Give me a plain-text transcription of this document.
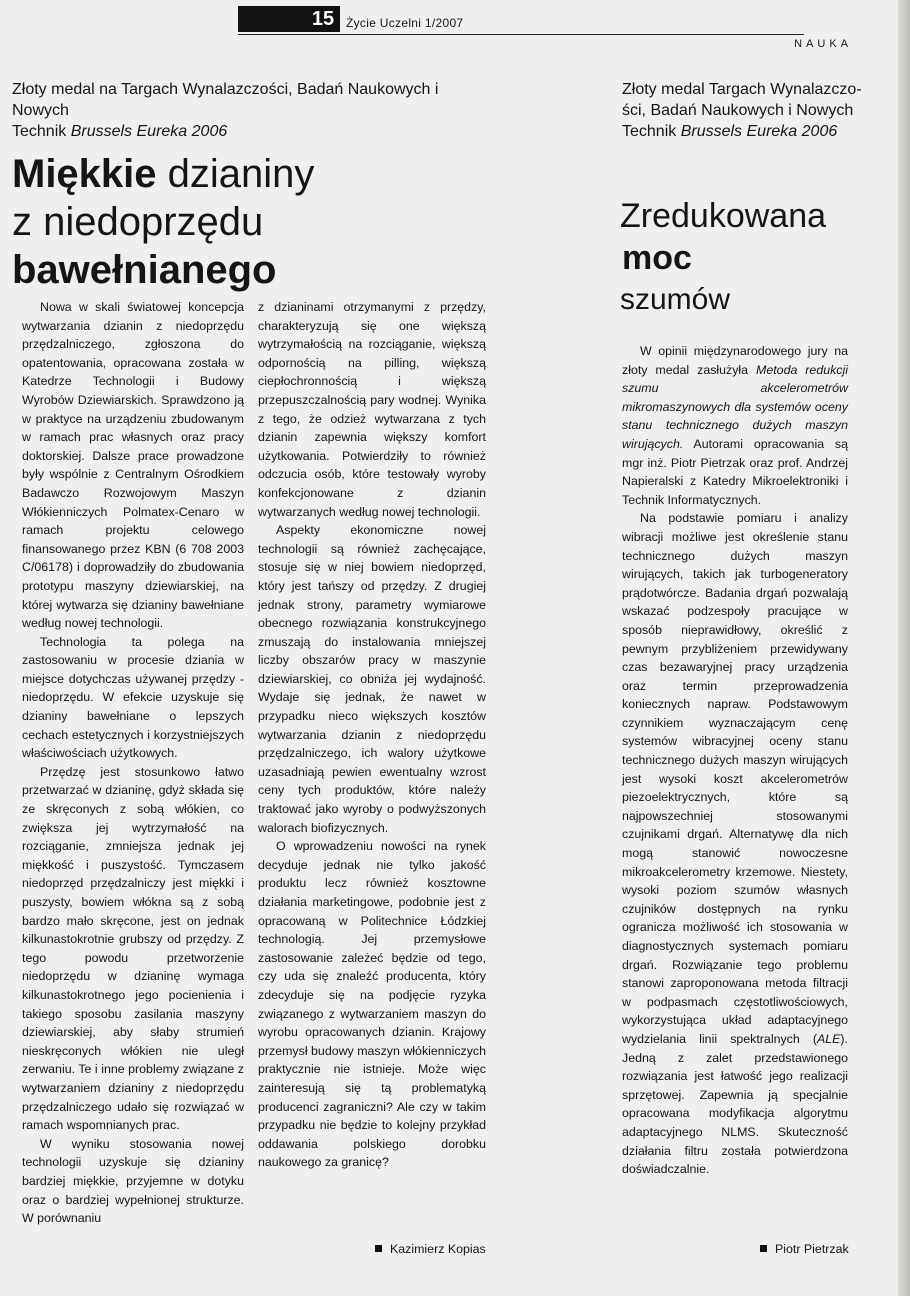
15 Życie Uczelni 1/2007
NAUKA
Złoty medal na Targach Wynalazczości, Badań Naukowych i Nowych
Technik Brussels Eureka 2006
Miękkie dzianiny
z niedoprzędu
bawełnianego

Nowa w skali światowej koncepcja wytwarzania dzianin z niedoprzędu przędzalniczego, zgłoszona do opatentowania, opracowana została w Katedrze Technologii i Budowy Wyrobów Dziewiarskich. Sprawdzono ją w praktyce na urządzeniu zbudowanym w ramach prac własnych oraz pracy doktorskiej. Dalsze prace prowadzone były wspólnie z Centralnym Ośrodkiem Badawczo Rozwojowym Maszyn Włókienniczych Polmatex-Cenaro w ramach projektu celowego finansowanego przez KBN (6 708 2003 C/06178) i doprowadziły do zbudowania prototypu maszyny dziewiarskiej, na której wytwarza się dzianiny bawełniane według nowej technologii.

Technologia ta polega na zastosowaniu w procesie dziania w miejsce dotychczas używanej przędzy - niedoprzędu. W efekcie uzyskuje się dzianiny bawełniane o lepszych cechach estetycznych i korzystniejszych właściwościach użytkowych.

Przędzę jest stosunkowo łatwo przetwarzać w dzianinę, gdyż składa się ze skręconych z sobą włókien, co zwiększa jej wytrzymałość na rozciąganie, zmniejsza jednak jej miękkość i puszystość. Tymczasem niedoprzęd przędzalniczy jest miękki i puszysty, bowiem włókna są z sobą bardzo mało skręcone, jest on jednak kilkunastokrotnie grubszy od przędzy. Z tego powodu przetworzenie niedoprzędu w dzianinę wymaga kilkunastokrotnego jego pocienienia i takiego sposobu zasilania maszyny dziewiarskiej, aby słaby strumień nieskręconych włókien nie uległ zerwaniu. Te i inne problemy związane z wytwarzaniem dzianiny z niedoprzędu przędzalniczego udało się rozwiązać w ramach wspomnianych prac.

W wyniku stosowania nowej technologii uzyskuje się dzianiny bardziej miękkie, przyjemne w dotyku oraz o bardziej wypełnionej strukturze. W porównaniu

z dzianinami otrzymanymi z przędzy, charakteryzują się one większą wytrzymałością na rozciąganie, większą odpornością na pilling, większą ciepłochronnością i większą przepuszczalnością pary wodnej. Wynika z tego, że odzież wytwarzana z tych dzianin zapewnia większy komfort użytkowania. Potwierdziły to również odczucia osób, które testowały wyroby konfekcjonowane z dzianin wytwarzanych według nowej technologii.

Aspekty ekonomiczne nowej technologii są również zachęcające, stosuje się w niej bowiem niedoprzęd, który jest tańszy od przędzy. Z drugiej jednak strony, parametry wymiarowe obecnego rozwiązania konstrukcyjnego zmuszają do instalowania mniejszej liczby obszarów pracy w maszynie dziewiarskiej, co obniża jej wydajność. Wydaje się jednak, że nawet w przypadku nieco większych kosztów wytwarzania dzianin z niedoprzędu przędzalniczego, ich walory użytkowe uzasadniają pewien ewentualny wzrost ceny tych produktów, które należy traktować jako wyroby o podwyższonych walorach biofizycznych.

O wprowadzeniu nowości na rynek decyduje jednak nie tylko jakość produktu lecz również kosztowne działania marketingowe, podobnie jest z opracowaną w Politechnice Łódzkiej technologią. Jej przemysłowe zastosowanie zależeć będzie od tego, czy uda się znaleźć producenta, który zdecyduje się na podjęcie ryzyka związanego z wytwarzaniem maszyn do wyrobu opracowanych dzianin. Krajowy przemysł budowy maszyn włókienniczych praktycznie nie istnieje. Może więc zainteresują się tą problematyką producenci zagraniczni? Ale czy w takim przypadku nie będzie to kolejny przykład oddawania polskiego dorobku naukowego za granicę?

Kazimierz Kopias
Złoty medal Targach Wynalazczo-
ści, Badań Naukowych i Nowych
Technik Brussels Eureka 2006
Zredukowana
moc
szumów

W opinii międzynarodowego jury na złoty medal zasłużyła Metoda redukcji szumu akcelerometrów mikromaszynowych dla systemów oceny stanu technicznego dużych maszyn wirujących. Autorami opracowania są mgr inż. Piotr Pietrzak oraz prof. Andrzej Napieralski z Katedry Mikroelektroniki i Technik Informatycznych.

Na podstawie pomiaru i analizy wibracji możliwe jest określenie stanu technicznego dużych maszyn wirujących, takich jak turbogeneratory prądotwórcze. Badania drgań pozwalają wskazać podzespoły pracujące w sposób nieprawidłowy, określić z pewnym przybliżeniem przewidywany czas bezawaryjnej pracy urządzenia oraz termin przeprowadzenia koniecznych napraw. Podstawowym czynnikiem wyznaczającym cenę systemów wibracyjnej oceny stanu technicznego dużych maszyn wirujących jest wysoki koszt akcelerometrów piezoelektrycznych, które są najpowszechniej stosowanymi czujnikami drgań. Alternatywę dla nich mogą stanowić nowoczesne mikroakcelerometry krzemowe. Niestety, wysoki poziom szumów własnych czujników dostępnych na rynku ogranicza możliwość ich stosowania w diagnostycznych systemach pomiaru drgań. Rozwiązanie tego problemu stanowi zaproponowana metoda filtracji w podpasmach częstotliwościowych, wykorzystująca układ adaptacyjnego wydzielania linii spektralnych (ALE). Jedną z zalet przedstawionego rozwiązania jest łatwość jego realizacji sprzętowej. Zapewnia ją specjalnie opracowana modyfikacja algorytmu adaptacyjnego NLMS. Skuteczność działania filtru została potwierdzona doświadczalnie.

Piotr Pietrzak
